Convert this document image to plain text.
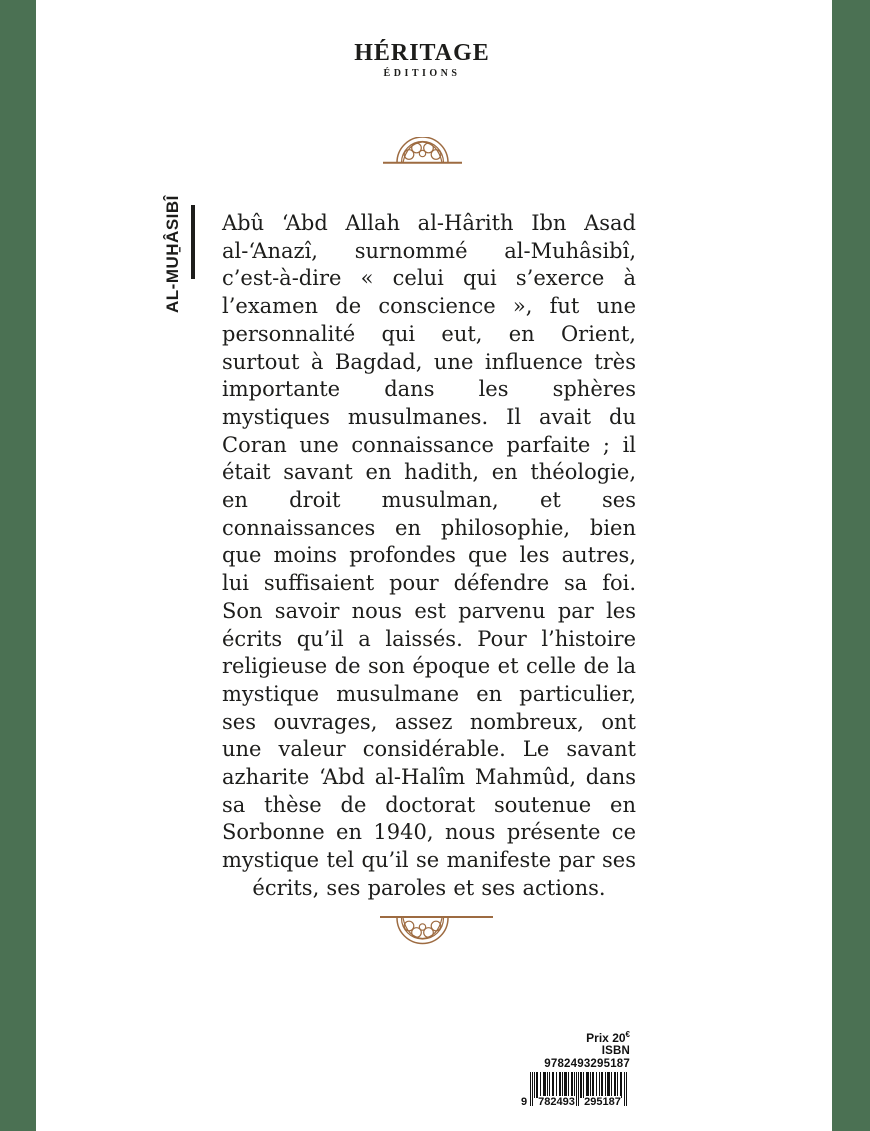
HÉRITAGE
ÉDITIONS
AL-MUH̱ÂSIBÎ Abû ‘Abd Allah al-Hârith Ibn Asad al-‘Anazî, surnommé al-Muhâsibî, c’est-à-dire « celui qui s’exerce à l’examen de conscience », fut une personnalité qui eut, en Orient, surtout à Bagdad, une influence très importante dans les sphères mystiques musulmanes. Il avait du Coran une connaissance parfaite ; il était savant en hadith, en théologie, en droit musulman, et ses connaissances en philosophie, bien que moins profondes que les autres, lui suffisaient pour défendre sa foi. Son savoir nous est parvenu par les écrits qu’il a laissés. Pour l’histoire religieuse de son époque et celle de la mystique musulmane en particulier, ses ouvrages, assez nombreux, ont une valeur considérable. Le savant azharite ‘Abd al-Halîm Mahmûd, dans sa thèse de doctorat soutenue en Sorbonne en 1940, nous présente ce mystique tel qu’il se manifeste par ses écrits, ses paroles et ses actions.

Prix 20€
ISBN 9782493295187
9 782493 295187
